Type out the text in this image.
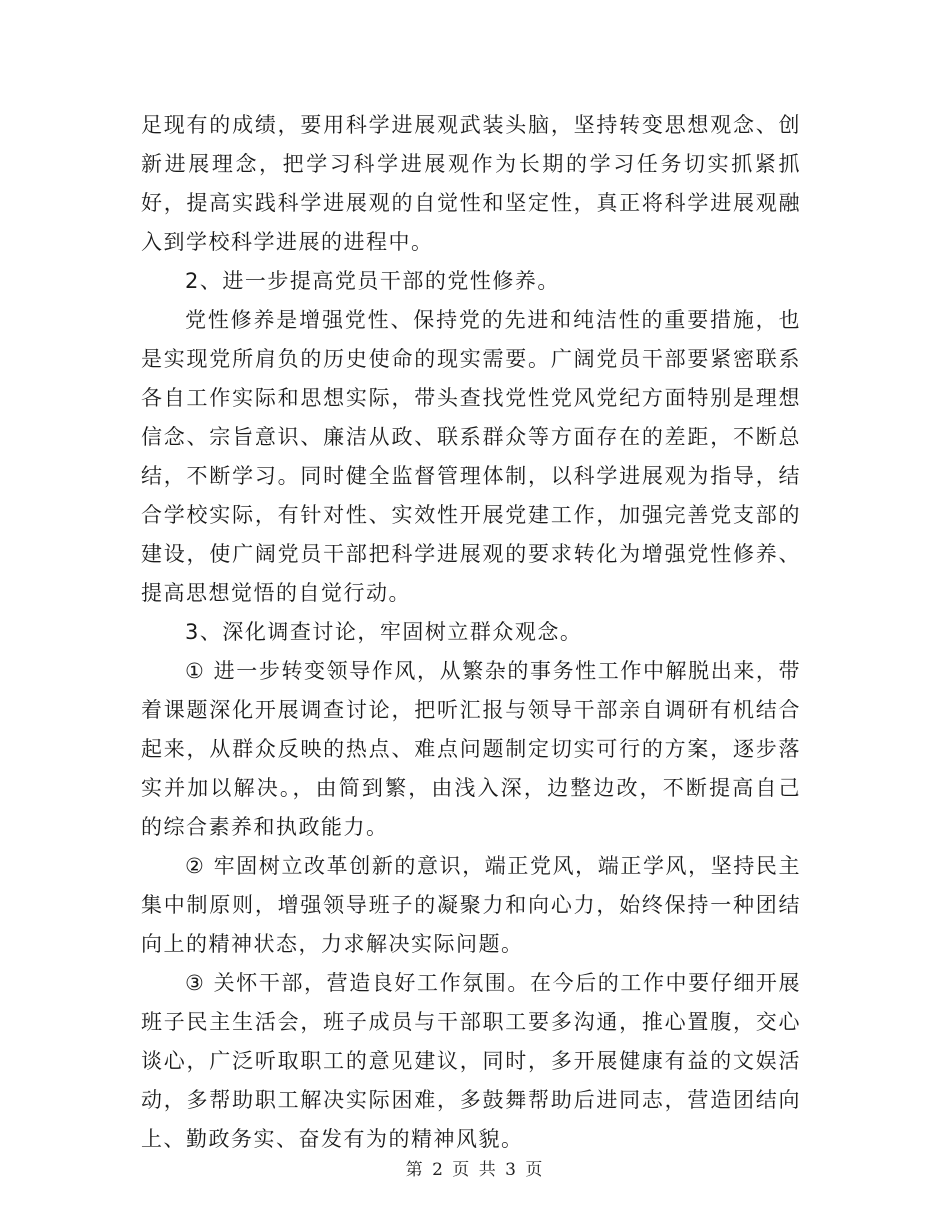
足现有的成绩，要用科学进展观武装头脑，坚持转变思想观念、创新进展理念，把学习科学进展观作为长期的学习任务切实抓紧抓好，提高实践科学进展观的自觉性和坚定性，真正将科学进展观融入到学校科学进展的进程中。

2、进一步提高党员干部的党性修养。

党性修养是增强党性、保持党的先进和纯洁性的重要措施，也是实现党所肩负的历史使命的现实需要。广阔党员干部要紧密联系各自工作实际和思想实际，带头查找党性党风党纪方面特别是理想信念、宗旨意识、廉洁从政、联系群众等方面存在的差距，不断总结，不断学习。同时健全监督管理体制，以科学进展观为指导，结合学校实际，有针对性、实效性开展党建工作，加强完善党支部的建设，使广阔党员干部把科学进展观的要求转化为增强党性修养、提高思想觉悟的自觉行动。

3、深化调查讨论，牢固树立群众观念。

① 进一步转变领导作风，从繁杂的事务性工作中解脱出来，带着课题深化开展调查讨论，把听汇报与领导干部亲自调研有机结合起来，从群众反映的热点、难点问题制定切实可行的方案，逐步落实并加以解决。，由简到繁，由浅入深，边整边改，不断提高自己的综合素养和执政能力。

② 牢固树立改革创新的意识，端正党风，端正学风，坚持民主集中制原则，增强领导班子的凝聚力和向心力，始终保持一种团结向上的精神状态，力求解决实际问题。

③ 关怀干部，营造良好工作氛围。在今后的工作中要仔细开展班子民主生活会，班子成员与干部职工要多沟通，推心置腹，交心谈心，广泛听取职工的意见建议，同时，多开展健康有益的文娱活动，多帮助职工解决实际困难，多鼓舞帮助后进同志，营造团结向上、勤政务实、奋发有为的精神风貌。

第 2 页 共 3 页
